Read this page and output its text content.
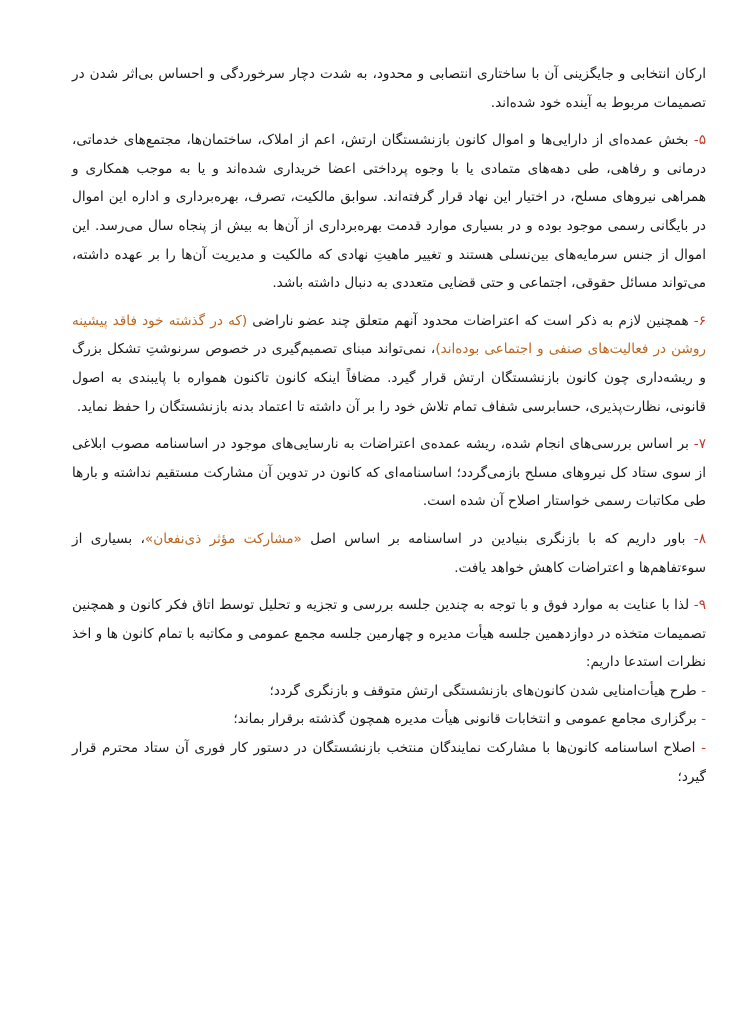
ارکان انتخابی و جایگزینی آن با ساختاری انتصابی و محدود، به شدت دچار سرخوردگی و احساس بی‌اثر شدن در تصمیمات مربوط به آینده خود شده‌اند.

۵- بخش عمده‌ای از دارایی‌ها و اموال کانون بازنشستگان ارتش، اعم از املاک، ساختمان‌ها، مجتمع‌های خدماتی، درمانی و رفاهی، طی دهه‌های متمادی یا با وجوه پرداختی اعضا خریداری شده‌اند و یا به موجب همکاری و همراهی نیروهای مسلح، در اختیار این نهاد قرار گرفته‌اند. سوابق مالکیت، تصرف، بهره‌برداری و اداره این اموال در بایگانی رسمی موجود بوده و در بسیاری موارد قدمت بهره‌برداری از آن‌ها به بیش از پنجاه سال می‌رسد. این اموال از جنس سرمایه‌های بین‌نسلی هستند و تغییر ماهیتِ نهادی که مالکیت و مدیریت آن‌ها را بر عهده داشته، می‌تواند مسائل حقوقی، اجتماعی و حتی قضایی متعددی به دنبال داشته باشد.

۶- همچنین لازم به ذکر است که اعتراضات محدود آنهم متعلق چند عضو ناراضی (که در گذشته خود فاقد پیشینه روشن در فعالیت‌های صنفی و اجتماعی بوده‌اند)، نمی‌تواند مبنای تصمیم‌گیری در خصوص سرنوشتِ تشکل بزرگ و ریشه‌داری چون کانون بازنشستگان ارتش قرار گیرد. مضافاً اینکه کانون تاکنون همواره با پایبندی به اصول قانونی، نظارت‌پذیری، حسابرسی شفاف تمام تلاش خود را بر آن داشته تا اعتماد بدنه بازنشستگان را حفظ نماید.

۷- بر اساس بررسی‌های انجام شده، ریشه عمده‌ی اعتراضات به نارسایی‌های موجود در اساسنامه مصوب ابلاغی از سوی ستاد کل نیروهای مسلح بازمی‌گردد؛ اساسنامه‌ای که کانون در تدوین آن مشارکت مستقیم نداشته و بارها طی مکاتبات رسمی خواستار اصلاح آن شده است.

۸- باور داریم که با بازنگری بنیادین در اساسنامه بر اساس اصل «مشارکت مؤثر ذی‌نفعان»، بسیاری از سوءتفاهم‌ها و اعتراضات کاهش خواهد یافت.

۹- لذا با عنایت به موارد فوق و با توجه به چندین جلسه بررسی و تجزیه و تحلیل توسط اتاق فکر کانون و همچنین تصمیمات متخذه در دوازدهمین جلسه هیأت مدیره و چهارمین جلسه مجمع عمومی و مکاتبه با تمام کانون ها و اخذ نظرات استدعا داریم:

- طرح هیأت‌امنایی شدن کانون‌های بازنشستگی ارتش متوقف و بازنگری گردد؛

- برگزاری مجامع عمومی و انتخابات قانونی هیأت مدیره همچون گذشته برقرار بماند؛

- اصلاح اساسنامه کانون‌ها با مشارکت نمایندگان منتخب بازنشستگان در دستور کار فوری آن ستاد محترم قرار گیرد؛
